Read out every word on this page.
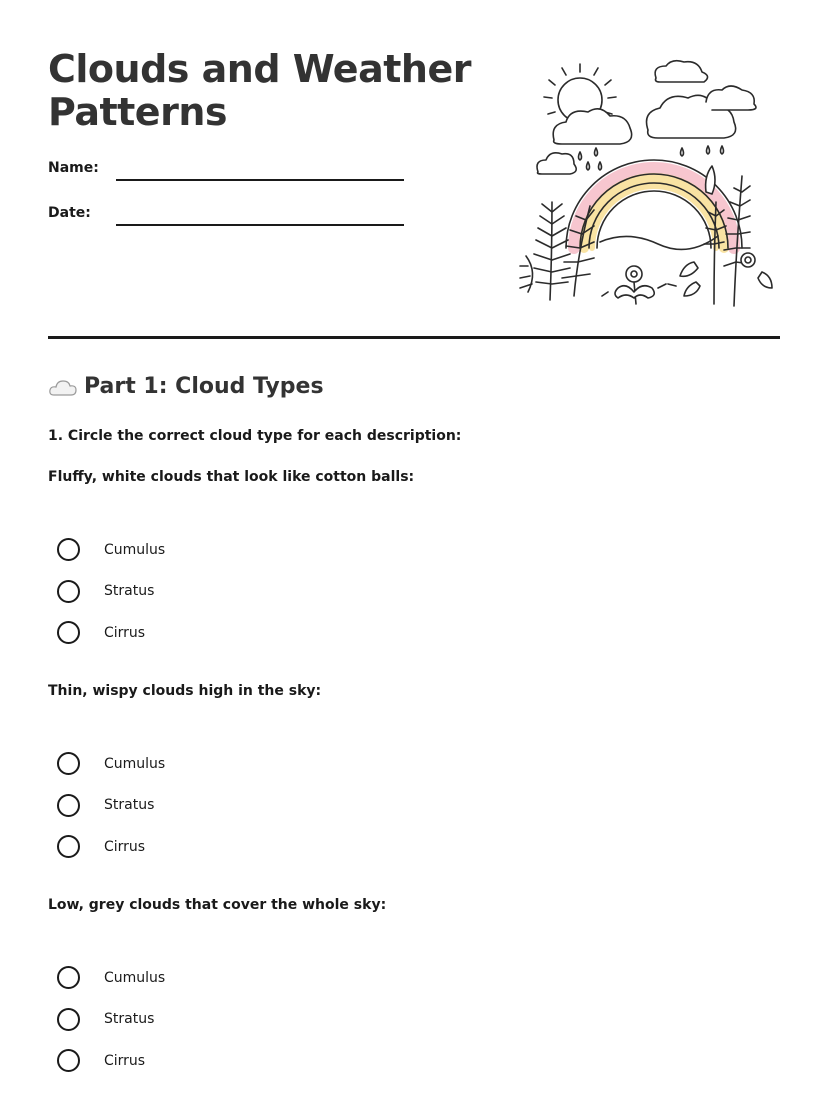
Clouds and Weather Patterns
Name:
Date:
Part 1: Cloud Types
1. Circle the correct cloud type for each description:

Fluffy, white clouds that look like cotton balls:

Cumulus
Stratus
Cirrus

Thin, wispy clouds high in the sky:

Cumulus
Stratus
Cirrus

Low, grey clouds that cover the whole sky:

Cumulus
Stratus
Cirrus
